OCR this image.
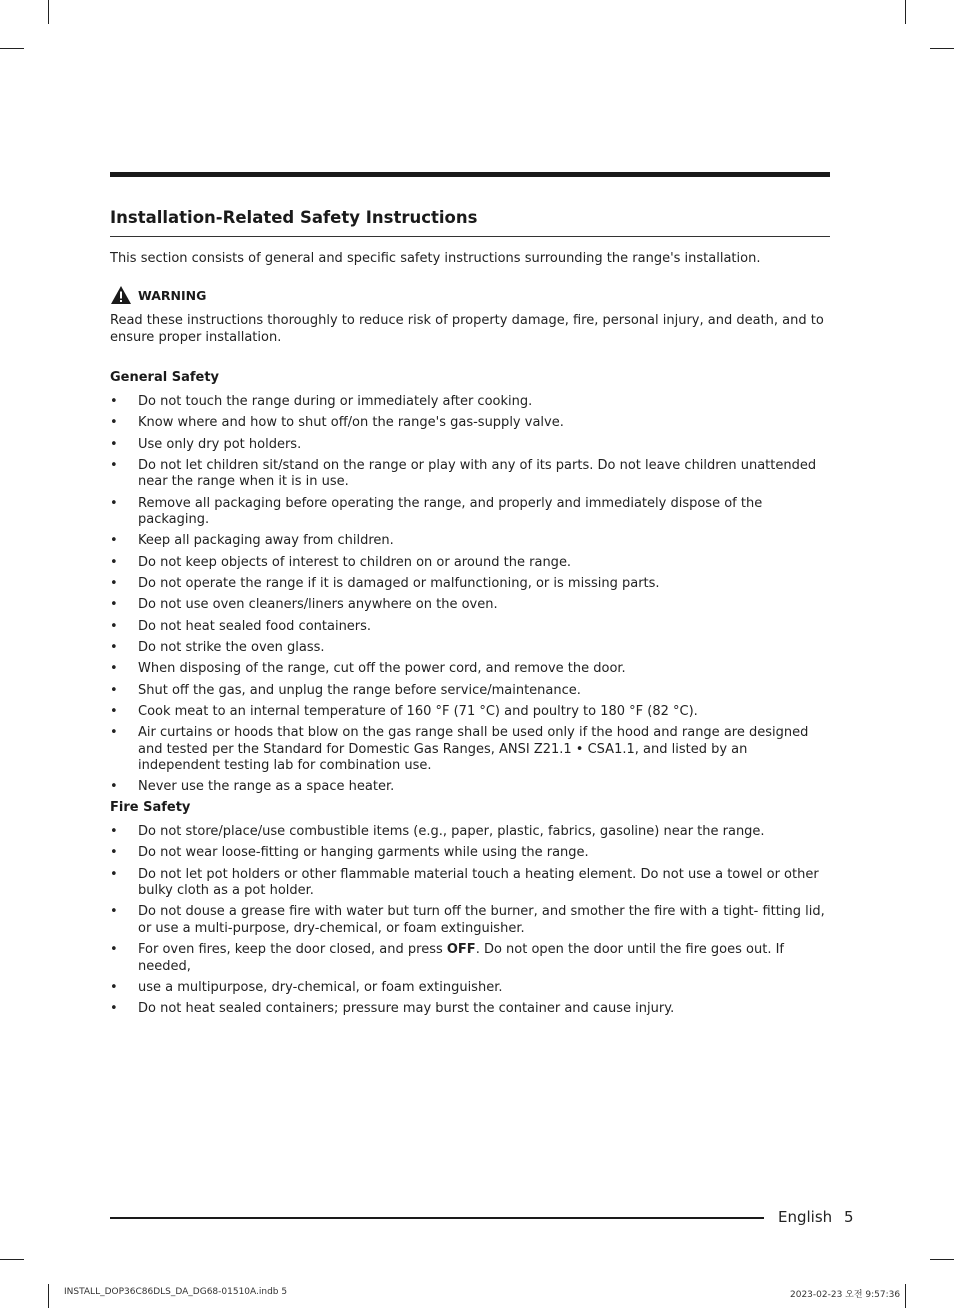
Installation-Related Safety Instructions

This section consists of general and specific safety instructions surrounding the range's installation.

WARNING

Read these instructions thoroughly to reduce risk of property damage, fire, personal injury, and death, and to ensure proper installation.

General Safety
• Do not touch the range during or immediately after cooking.
• Know where and how to shut off/on the range's gas-supply valve.
• Use only dry pot holders.
• Do not let children sit/stand on the range or play with any of its parts. Do not leave children unattended near the range when it is in use.
• Remove all packaging before operating the range, and properly and immediately dispose of the packaging.
• Keep all packaging away from children.
• Do not keep objects of interest to children on or around the range.
• Do not operate the range if it is damaged or malfunctioning, or is missing parts.
• Do not use oven cleaners/liners anywhere on the oven.
• Do not heat sealed food containers.
• Do not strike the oven glass.
• When disposing of the range, cut off the power cord, and remove the door.
• Shut off the gas, and unplug the range before service/maintenance.
• Cook meat to an internal temperature of 160 °F (71 °C) and poultry to 180 °F (82 °C).
• Air curtains or hoods that blow on the gas range shall be used only if the hood and range are designed and tested per the Standard for Domestic Gas Ranges, ANSI Z21.1 • CSA1.1, and listed by an independent testing lab for combination use.
• Never use the range as a space heater.
Fire Safety
• Do not store/place/use combustible items (e.g., paper, plastic, fabrics, gasoline) near the range.
• Do not wear loose-fitting or hanging garments while using the range.
• Do not let pot holders or other flammable material touch a heating element. Do not use a towel or other bulky cloth as a pot holder.
• Do not douse a grease fire with water but turn off the burner, and smother the fire with a tight- fitting lid, or use a multi-purpose, dry-chemical, or foam extinguisher.
• For oven fires, keep the door closed, and press OFF. Do not open the door until the fire goes out. If needed,
• use a multipurpose, dry-chemical, or foam extinguisher.
• Do not heat sealed containers; pressure may burst the container and cause injury.
English 5
INSTALL_DOP36C86DLS_DA_DG68-01510A.indb 5	2023-02-23 오전 9:57:36
